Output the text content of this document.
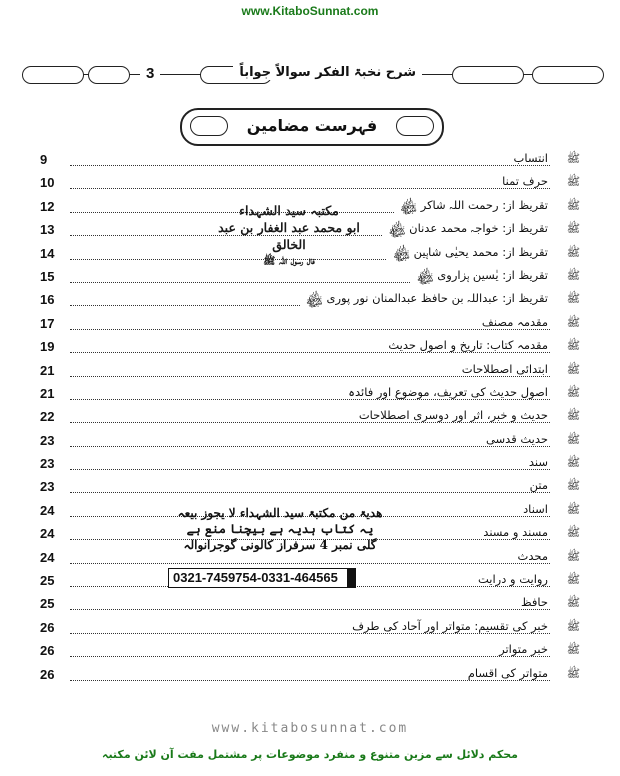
www.KitaboSunnat.com
3	شرح نخبۃ الفکر سوالاً جواباً
فہرست مضامین
9	انتساب ﷺ
10	حرف تمنا ﷺ
12	تقریظ از: رحمت اللہ شاکر ﷾ ﷺ
13	تقریظ از: خواجہ محمد عدنان ﷾ ﷺ
14	تقریظ از: محمد یحیٰی شاہین ﷾ ﷺ
15	تقریظ از: یٰسین ہزاروی ﷾ ﷺ
16	تقریظ از: عبداللہ بن حافظ عبدالمنان نور پوری ﷾ ﷺ
17	مقدمہ مصنف ﷺ
19	مقدمہ کتاب: تاریخ و اصول حدیث ﷺ
21	ابتدائی اصطلاحات ﷺ
21	اصول حدیث کی تعریف، موضوع اور فائدہ ﷺ
22	حدیث و خبر، اثر اور دوسری اصطلاحات ﷺ
23	حدیث قدسی ﷺ
23	سند ﷺ
23	متن ﷺ
24	اسناد ﷺ
24	مسند و مسند ﷺ
24	محدث ﷺ
25	روایت و درایت ﷺ
25	حافظ ﷺ
26	خبر کی تقسیم: متواتر اور آحاد کی طرف ﷺ
26	خبر متواتر ﷺ
26	متواتر کی اقسام ﷺ
مکتبہ سید الشہداء
ابو محمد عبد الغفار بن عبد الخالق
قال رسول اللہ ﷺ
ھدیۃ من مکتبۃ سید الشہداء لا یجوز بیعہ
یہ کتاب ہدیہ ہے بیچنا منع ہے
گلی نمبر 4 سرفراز کالونی گوجرانوالہ
0321-7459754-0331-464565
www.kitabosunnat.com
محکم دلائل سے مزین متنوع و منفرد موضوعات پر مشتمل مفت آن لائن مکتبہ
